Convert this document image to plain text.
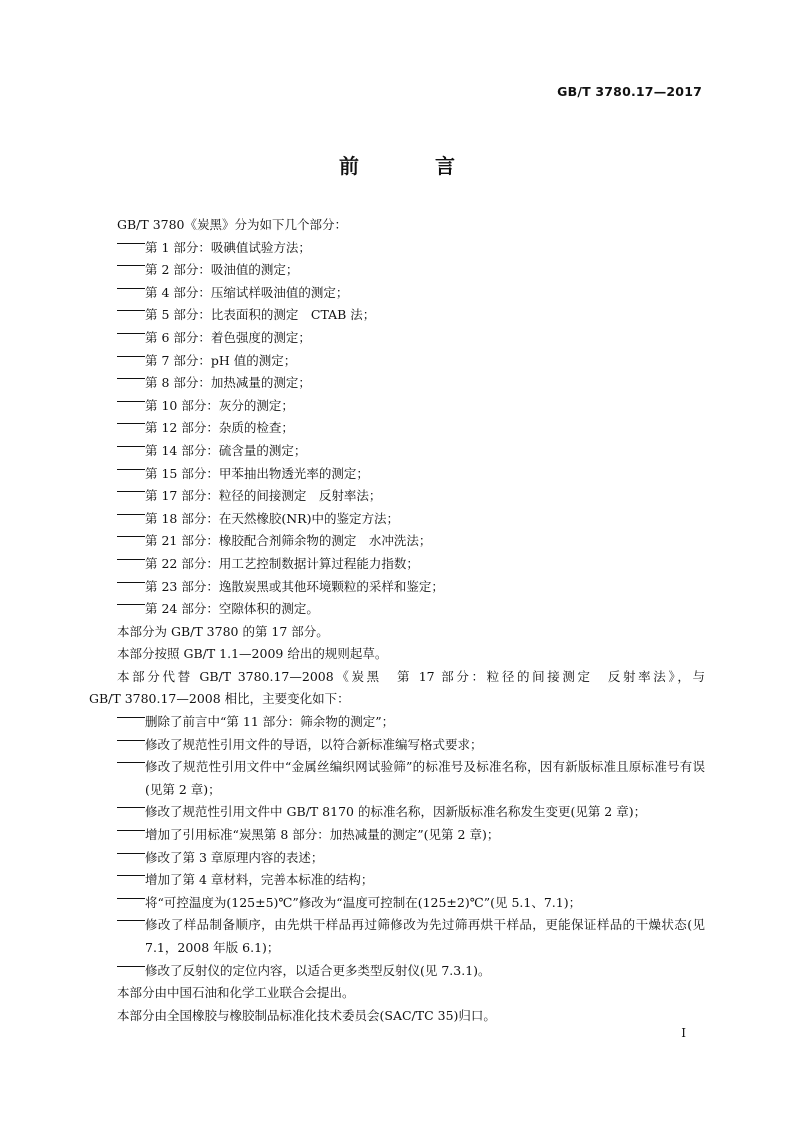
GB/T 3780.17—2017
前　言

GB/T 3780《炭黑》分为如下几个部分：

第 1 部分：吸碘值试验方法；
第 2 部分：吸油值的测定；
第 4 部分：压缩试样吸油值的测定；
第 5 部分：比表面积的测定　CTAB 法；
第 6 部分：着色强度的测定；
第 7 部分：pH 值的测定；
第 8 部分：加热减量的测定；
第 10 部分：灰分的测定；
第 12 部分：杂质的检查；
第 14 部分：硫含量的测定；
第 15 部分：甲苯抽出物透光率的测定；
第 17 部分：粒径的间接测定　反射率法；
第 18 部分：在天然橡胶(NR)中的鉴定方法；
第 21 部分：橡胶配合剂筛余物的测定　水冲洗法；
第 22 部分：用工艺控制数据计算过程能力指数；
第 23 部分：逸散炭黑或其他环境颗粒的采样和鉴定；
第 24 部分：空隙体积的测定。

本部分为 GB/T 3780 的第 17 部分。

本部分按照 GB/T 1.1—2009 给出的规则起草。

本部分代替 GB/T 3780.17—2008《炭黑　第 17 部分：粒径的间接测定　反射率法》，与

GB/T 3780.17—2008 相比，主要变化如下：

删除了前言中“第 11 部分：筛余物的测定”；
修改了规范性引用文件的导语，以符合新标准编写格式要求；
修改了规范性引用文件中“金属丝编织网试验筛”的标准号及标准名称，因有新版标准且原标准号有误(见第 2 章)；
修改了规范性引用文件中 GB/T 8170 的标准名称，因新版标准名称发生变更(见第 2 章)；
增加了引用标准“炭黑第 8 部分：加热减量的测定”(见第 2 章)；
修改了第 3 章原理内容的表述；
增加了第 4 章材料，完善本标准的结构；
将“可控温度为(125±5)℃”修改为“温度可控制在(125±2)℃”(见 5.1、7.1)；
修改了样品制备顺序，由先烘干样品再过筛修改为先过筛再烘干样品，更能保证样品的干燥状态(见 7.1，2008 年版 6.1)；
修改了反射仪的定位内容，以适合更多类型反射仪(见 7.3.1)。

本部分由中国石油和化学工业联合会提出。

本部分由全国橡胶与橡胶制品标准化技术委员会(SAC/TC 35)归口。

I
